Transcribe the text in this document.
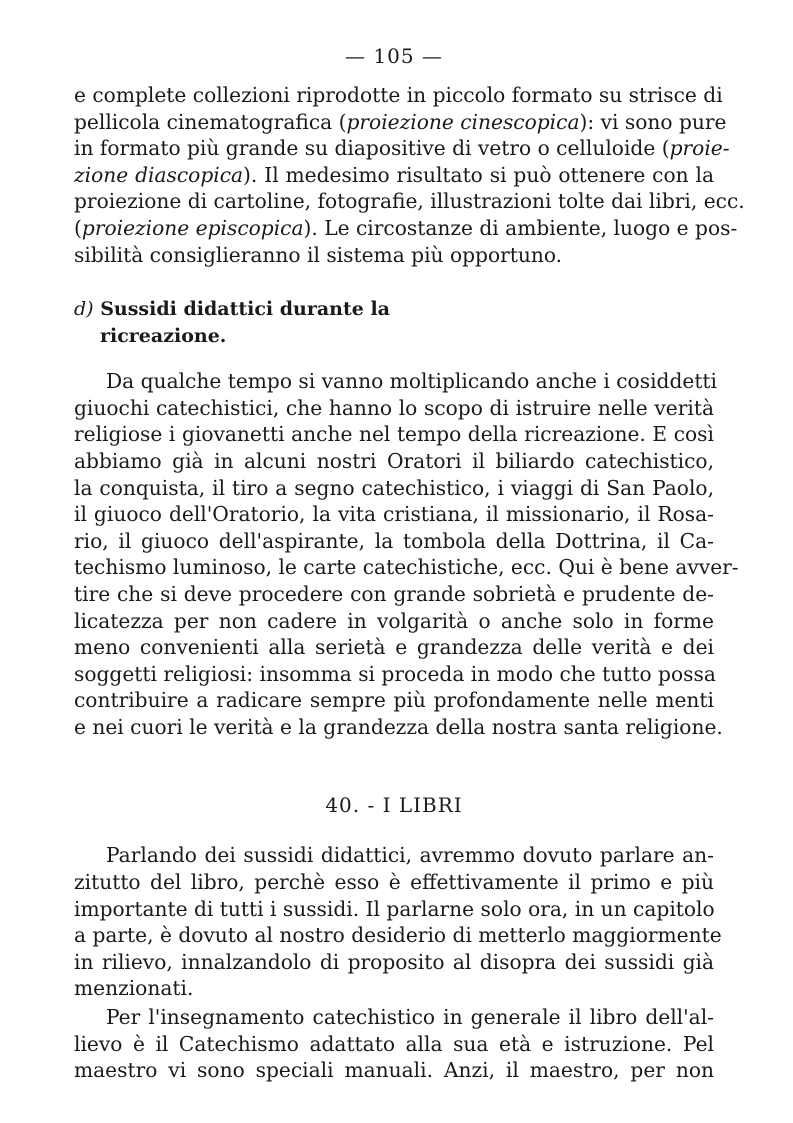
— 105 —
e complete collezioni riprodotte in piccolo formato su strisce di
pellicola cinematografica (proiezione cinescopica): vi sono pure
in formato più grande su diapositive di vetro o celluloide (proie-
zione diascopica). Il medesimo risultato si può ottenere con la
proiezione di cartoline, fotografie, illustrazioni tolte dai libri, ecc.
(proiezione episcopica). Le circostanze di ambiente, luogo e pos-
sibilità consiglieranno il sistema più opportuno.
d) Sussidi didattici durante la
ricreazione.
Da qualche tempo si vanno moltiplicando anche i cosiddetti
giuochi catechistici, che hanno lo scopo di istruire nelle verità
religiose i giovanetti anche nel tempo della ricreazione. E così
abbiamo già in alcuni nostri Oratori il biliardo catechistico,
la conquista, il tiro a segno catechistico, i viaggi di San Paolo,
il giuoco dell'Oratorio, la vita cristiana, il missionario, il Rosa-
rio, il giuoco dell'aspirante, la tombola della Dottrina, il Ca-
techismo luminoso, le carte catechistiche, ecc. Qui è bene avver-
tire che si deve procedere con grande sobrietà e prudente de-
licatezza per non cadere in volgarità o anche solo in forme
meno convenienti alla serietà e grandezza delle verità e dei
soggetti religiosi: insomma si proceda in modo che tutto possa
contribuire a radicare sempre più profondamente nelle menti
e nei cuori le verità e la grandezza della nostra santa religione.
40. - I LIBRI
Parlando dei sussidi didattici, avremmo dovuto parlare an-
zitutto del libro, perchè esso è effettivamente il primo e più
importante di tutti i sussidi. Il parlarne solo ora, in un capitolo
a parte, è dovuto al nostro desiderio di metterlo maggiormente
in rilievo, innalzandolo di proposito al disopra dei sussidi già
menzionati.
Per l'insegnamento catechistico in generale il libro dell'al-
lievo è il Catechismo adattato alla sua età e istruzione. Pel
maestro vi sono speciali manuali. Anzi, il maestro, per non
